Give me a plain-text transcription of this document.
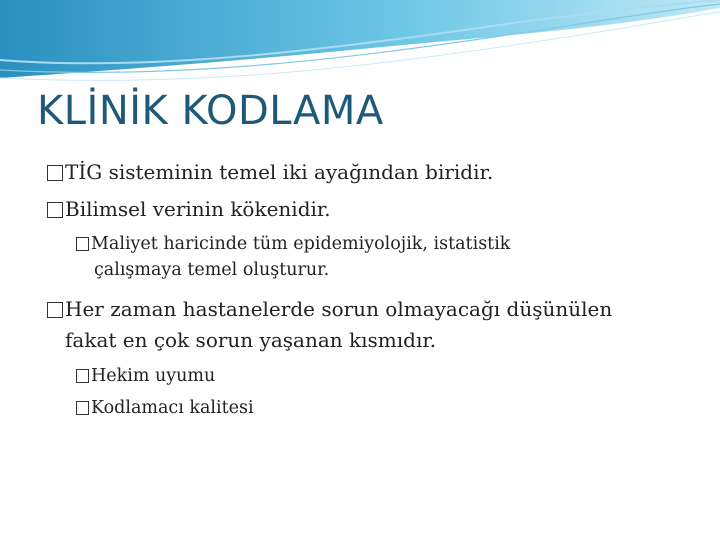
KLİNİK KODLAMA
TİG sisteminin temel iki ayağından biridir.
Bilimsel verinin kökenidir.
Maliyet haricinde tüm epidemiyolojik, istatistik
çalışmaya temel oluşturur.
Her zaman hastanelerde sorun olmayacağı düşünülen
fakat en çok sorun yaşanan kısmıdır.
Hekim uyumu
Kodlamacı kalitesi
